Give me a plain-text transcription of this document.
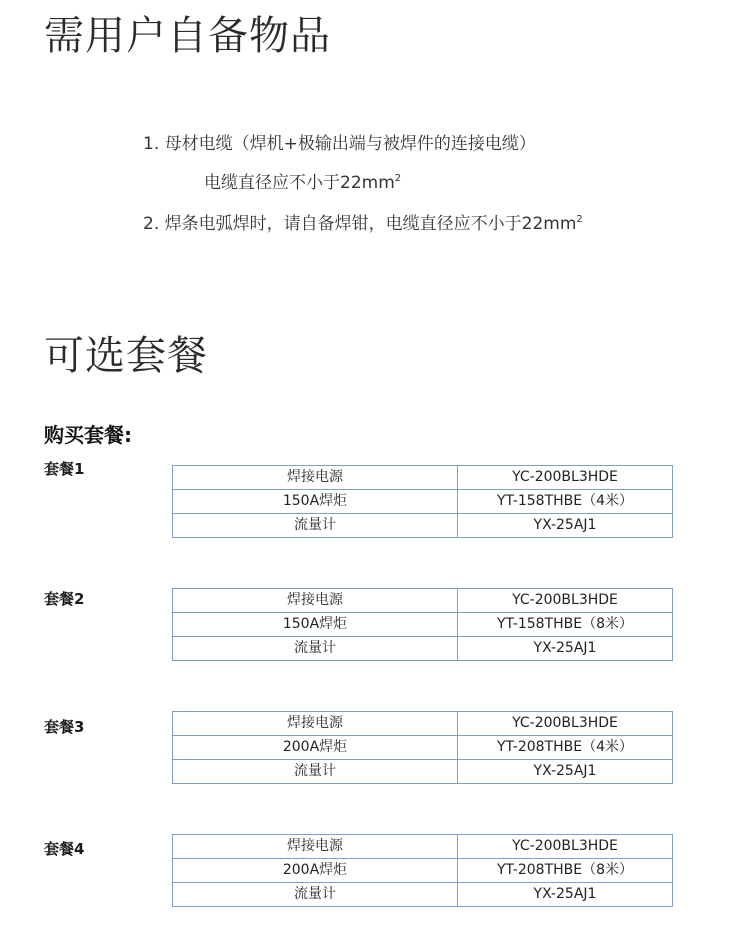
需用户自备物品
1. 母材电缆（焊机+极输出端与被焊件的连接电缆）
电缆直径应不小于$22mm^2$
2. 焊条电弧焊时，请自备焊钳，电缆直径应不小于$22mm^2$
可选套餐
购买套餐:
套餐1	焊接电源	YC-200BL3HDE
150A焊炬	YT-158THBE（4米）
流量计	YX-25AJ1
套餐2	焊接电源	YC-200BL3HDE
150A焊炬	YT-158THBE（8米）
流量计	YX-25AJ1
套餐3	焊接电源	YC-200BL3HDE
200A焊炬	YT-208THBE（4米）
流量计	YX-25AJ1
套餐4	焊接电源	YC-200BL3HDE
200A焊炬	YT-208THBE（8米）
流量计	YX-25AJ1
